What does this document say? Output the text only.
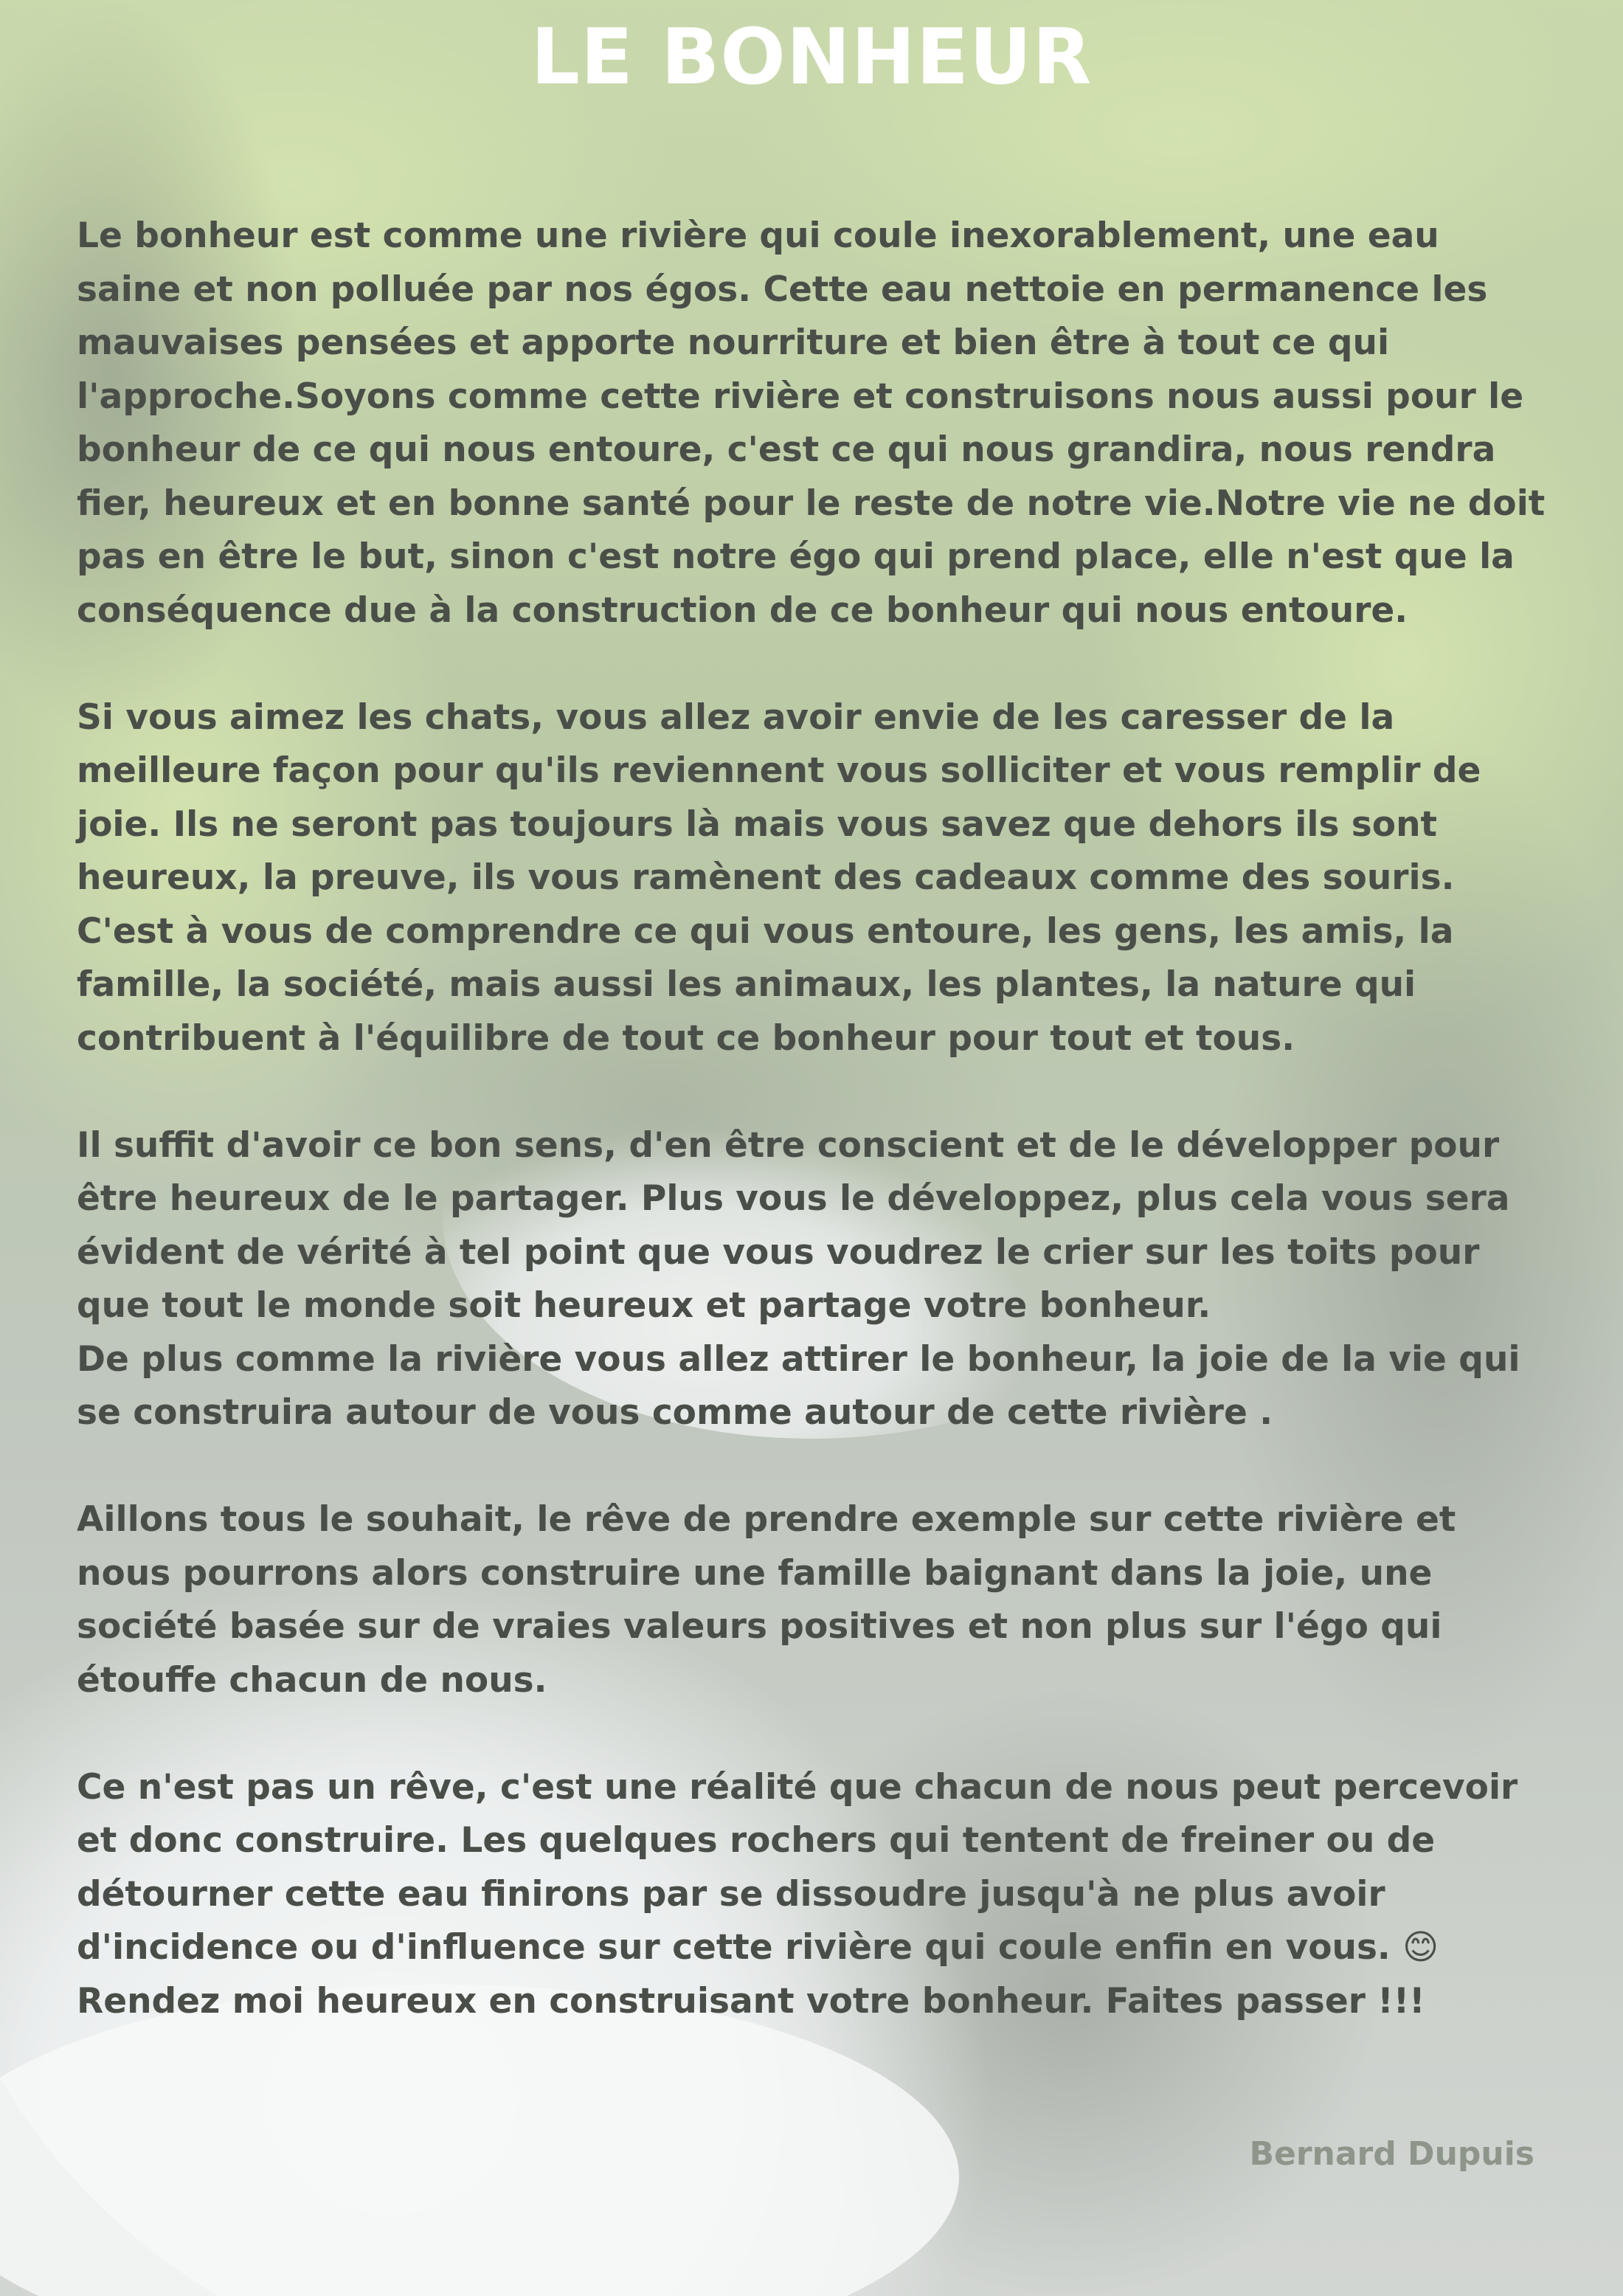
LE BONHEUR

Le bonheur est comme une rivière qui coule inexorablement, une eau saine et non polluée par nos égos. Cette eau nettoie en permanence les mauvaises pensées et apporte nourriture et bien être à tout ce qui l'approche.Soyons comme cette rivière et construisons nous aussi pour le bonheur de ce qui nous entoure, c'est ce qui nous grandira, nous rendra fier, heureux et en bonne santé pour le reste de notre vie.Notre vie ne doit pas en être le but, sinon c'est notre égo qui prend place, elle n'est que la conséquence due à la construction de ce bonheur qui nous entoure.

Si vous aimez les chats, vous allez avoir envie de les caresser de la meilleure façon pour qu'ils reviennent vous solliciter et vous remplir de joie. Ils ne seront pas toujours là mais vous savez que dehors ils sont heureux, la preuve, ils vous ramènent des cadeaux comme des souris.
C'est à vous de comprendre ce qui vous entoure, les gens, les amis, la famille, la société, mais aussi les animaux, les plantes, la nature qui contribuent à l'équilibre de tout ce bonheur pour tout et tous.

Il suffit d'avoir ce bon sens, d'en être conscient et de le développer pour être heureux de le partager. Plus vous le développez, plus cela vous sera évident de vérité à tel point que vous voudrez le crier sur les toits pour que tout le monde soit heureux et partage votre bonheur.
De plus comme la rivière vous allez attirer le bonheur, la joie de la vie qui se construira autour de vous comme autour de cette rivière .

Aillons tous le souhait, le rêve de prendre exemple sur cette rivière et nous pourrons alors construire une famille baignant dans la joie, une société basée sur de vraies valeurs positives et non plus sur l'égo qui étouffe chacun de nous.

Ce n'est pas un rêve, c'est une réalité que chacun de nous peut percevoir et donc construire. Les quelques rochers qui tentent de freiner ou de détourner cette eau finirons par se dissoudre jusqu'à ne plus avoir d'incidence ou d'influence sur cette rivière qui coule enfin en vous. 😊Rendez moi heureux en construisant votre bonheur. Faites passer !!!

Bernard Dupuis
